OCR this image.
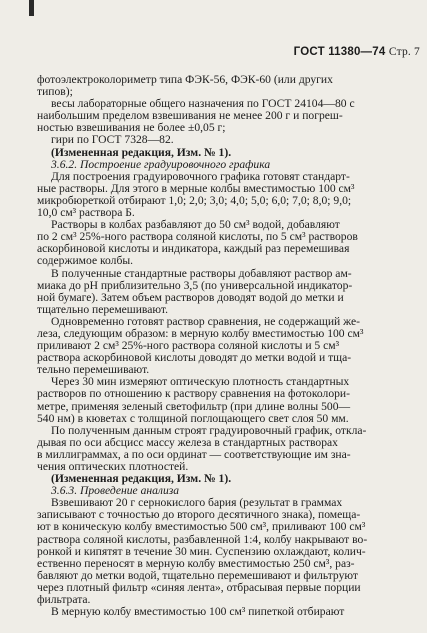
ГОСТ 11380—74 Стр. 7
фотоэлектроколориметр типа ФЭК-56, ФЭК-60 (или других
типов);
весы лабораторные общего назначения по ГОСТ 24104—80 с
наибольшим пределом взвешивания не менее 200 г и погреш-
ностью взвешивания не более ±0,05 г;
гири по ГОСТ 7328—82.
(Измененная редакция, Изм. № 1).
3.6.2. Построение градуировочного графика
Для построения градуировочного графика готовят стандарт-
ные растворы. Для этого в мерные колбы вместимостью 100 см³
микробюреткой отбирают 1,0; 2,0; 3,0; 4,0; 5,0; 6,0; 7,0; 8,0; 9,0;
10,0 см³ раствора Б.
Растворы в колбах разбавляют до 50 см³ водой, добавляют
по 2 см³ 25%-ного раствора соляной кислоты, по 5 см³ растворов
аскорбиновой кислоты и индикатора, каждый раз перемешивая
содержимое колбы.
В полученные стандартные растворы добавляют раствор ам-
миака до pH приблизительно 3,5 (по универсальной индикатор-
ной бумаге). Затем объем растворов доводят водой до метки и
тщательно перемешивают.
Одновременно готовят раствор сравнения, не содержащий же-
леза, следующим образом: в мерную колбу вместимостью 100 см³
приливают 2 см³ 25%-ного раствора соляной кислоты и 5 см³
раствора аскорбиновой кислоты доводят до метки водой и тща-
тельно перемешивают.
Через 30 мин измеряют оптическую плотность стандартных
растворов по отношению к раствору сравнения на фотоколори-
метре, применяя зеленый светофильтр (при длине волны 500—
540 нм) в кюветах с толщиной поглощающего свет слоя 50 мм.
По полученным данным строят градуировочный график, откла-
дывая по оси абсцисс массу железа в стандартных растворах
в миллиграммах, а по оси ординат — соответствующие им зна-
чения оптических плотностей.
(Измененная редакция, Изм. № 1).
3.6.3. Проведение анализа
Взвешивают 20 г сернокислого бария (результат в граммах
записывают с точностью до второго десятичного знака), помеща-
ют в коническую колбу вместимостью 500 см³, приливают 100 см³
раствора соляной кислоты, разбавленной 1:4, колбу накрывают во-
ронкой и кипятят в течение 30 мин. Суспензию охлаждают, колич-
ественно переносят в мерную колбу вместимостью 250 см³, раз-
бавляют до метки водой, тщательно перемешивают и фильтруют
через плотный фильтр «синяя лента», отбрасывая первые порции
фильтрата.
В мерную колбу вместимостью 100 см³ пипеткой отбирают
